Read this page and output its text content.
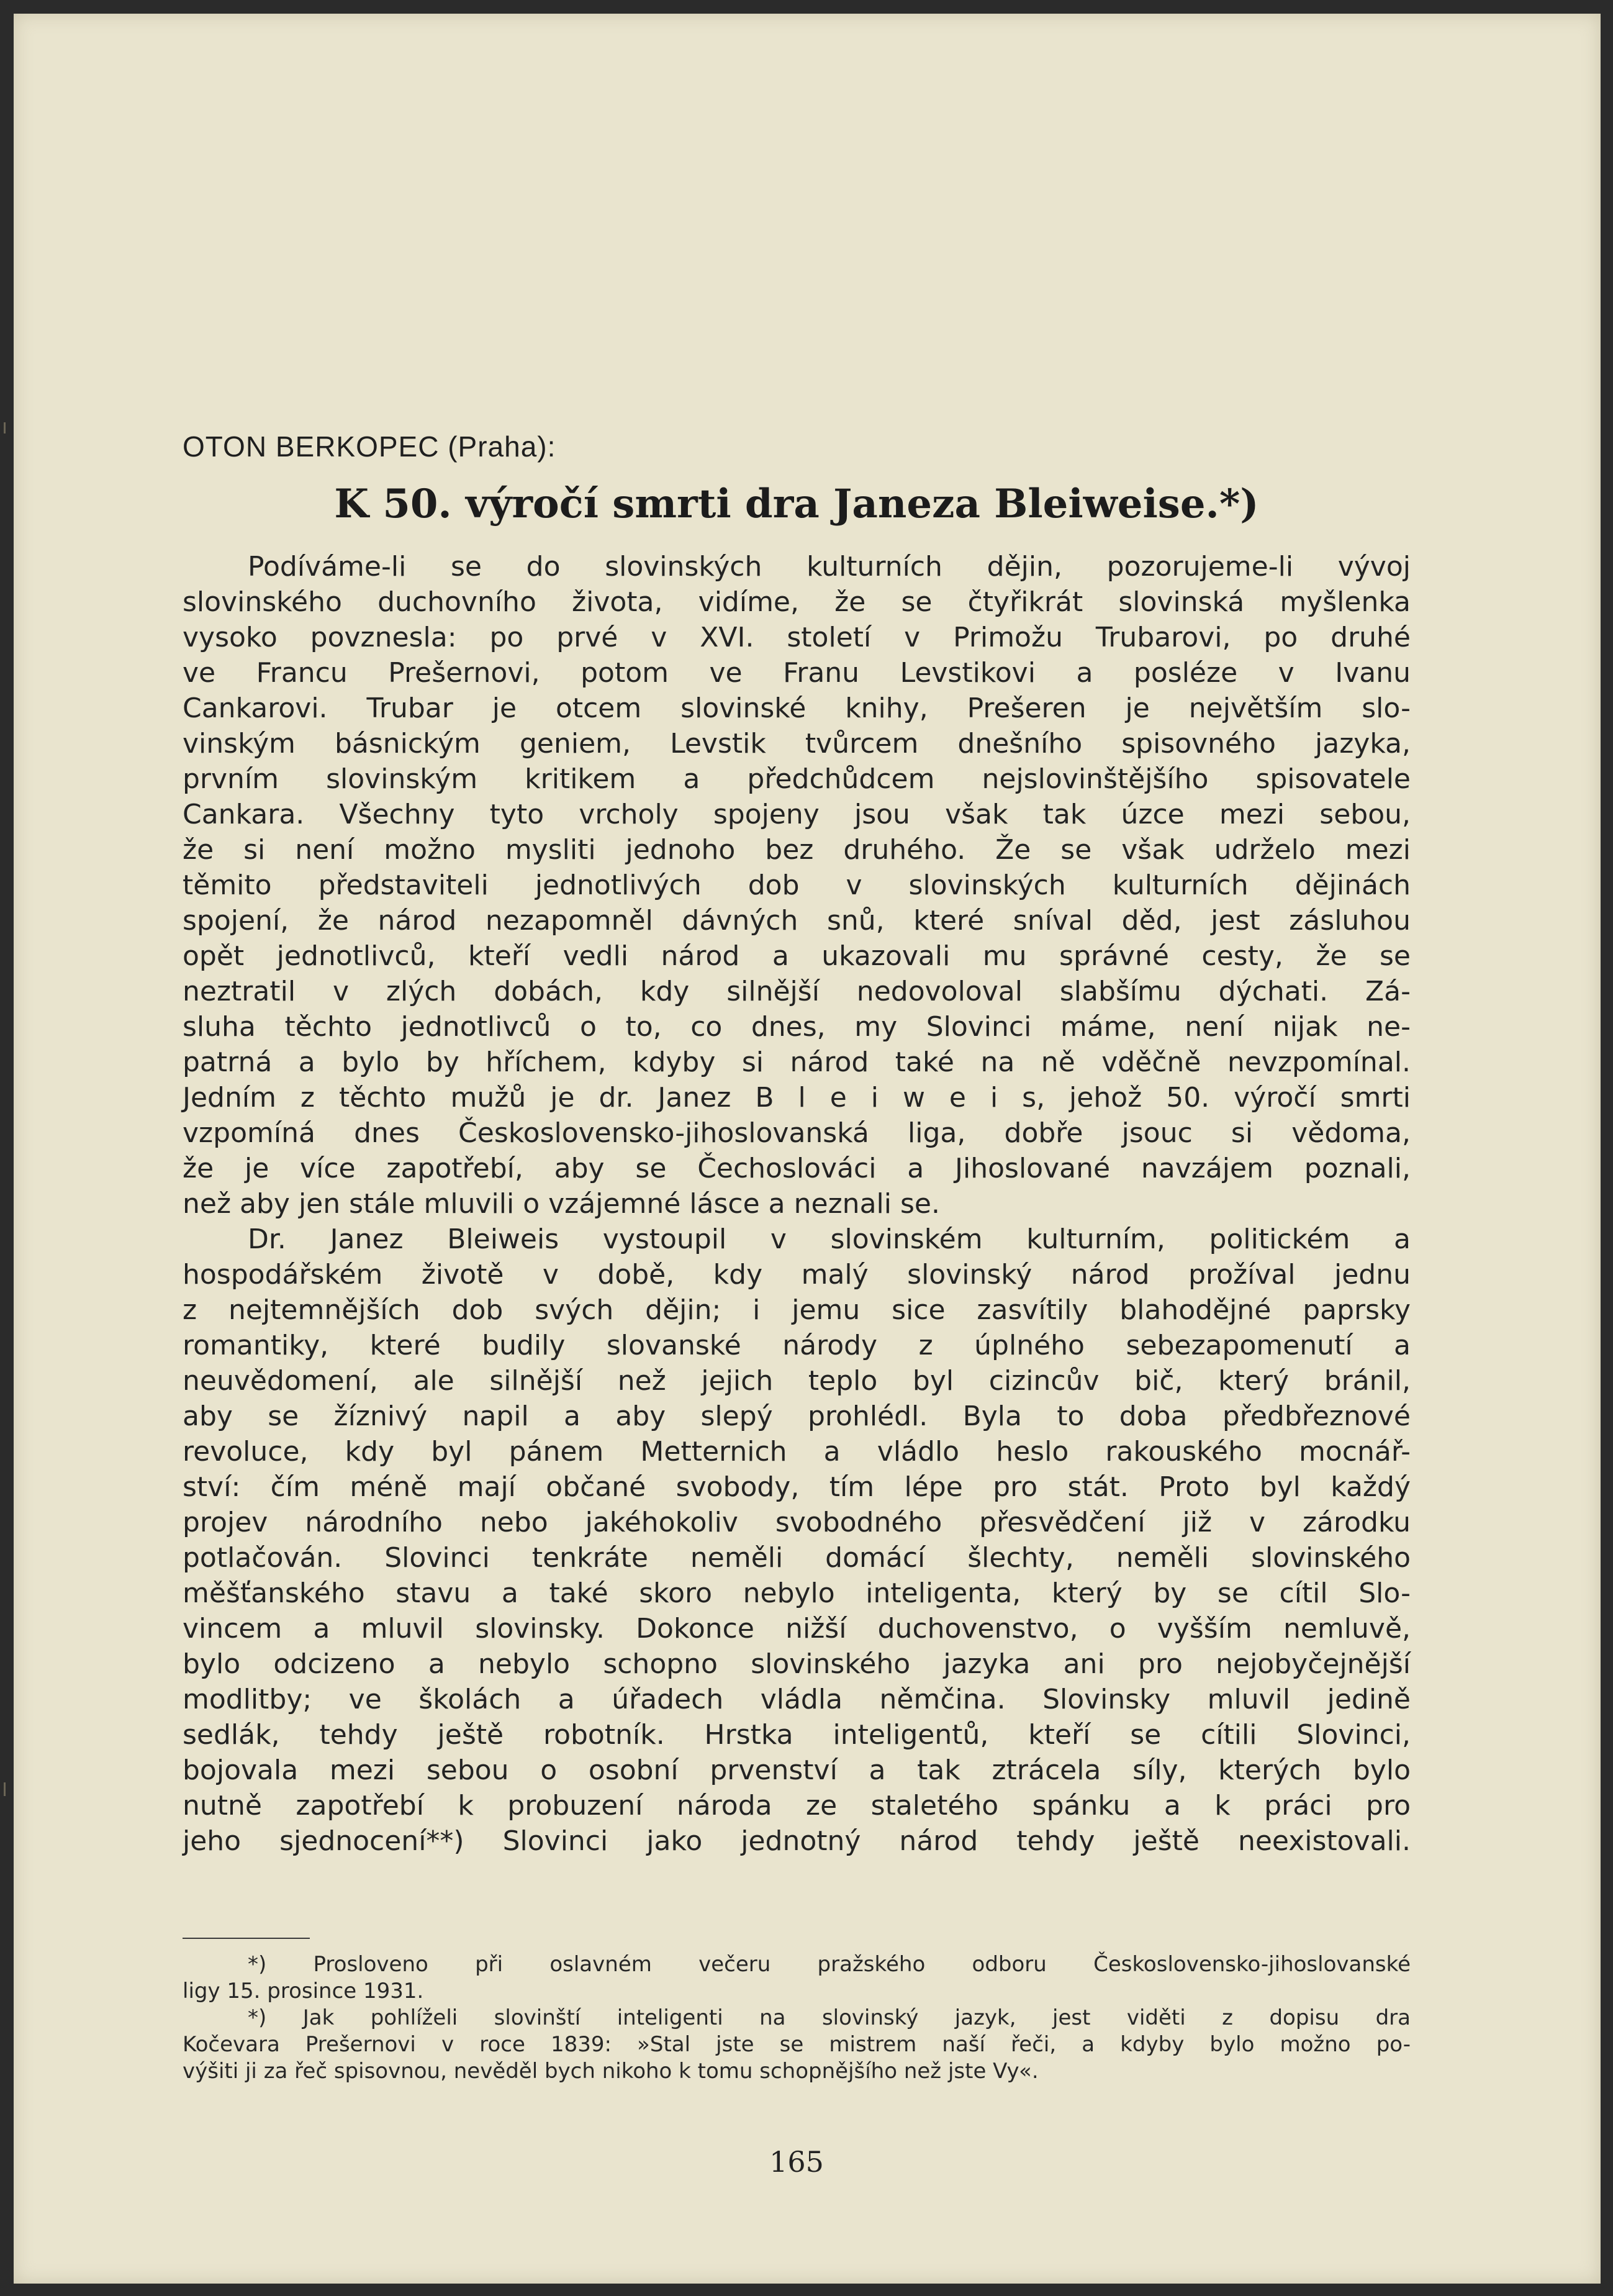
OTON BERKOPEC (Praha):
K 50. výročí smrti dra Janeza Bleiweise.*)
Podíváme-li se do slovinských kulturních dějin, pozorujeme-li vývoj
slovinského duchovního života, vidíme, že se čtyřikrát slovinská myšlenka
vysoko povznesla: po prvé v XVI. století v Primožu Trubarovi, po druhé
ve Francu Prešernovi, potom ve Franu Levstikovi a posléze v Ivanu
Cankarovi. Trubar je otcem slovinské knihy, Prešeren je největším slo-
vinským básnickým geniem, Levstik tvůrcem dnešního spisovného jazyka,
prvním slovinským kritikem a předchůdcem nejslovinštějšího spisovatele
Cankara. Všechny tyto vrcholy spojeny jsou však tak úzce mezi sebou,
že si není možno mysliti jednoho bez druhého. Že se však udrželo mezi
těmito představiteli jednotlivých dob v slovinských kulturních dějinách
spojení, že národ nezapomněl dávných snů, které sníval děd, jest zásluhou
opět jednotlivců, kteří vedli národ a ukazovali mu správné cesty, že se
neztratil v zlých dobách, kdy silnější nedovoloval slabšímu dýchati. Zá-
sluha těchto jednotlivců o to, co dnes, my Slovinci máme, není nijak ne-
patrná a bylo by hříchem, kdyby si národ také na ně vděčně nevzpomínal.
Jedním z těchto mužů je dr. Janez B l e i w e i s, jehož 50. výročí smrti
vzpomíná dnes Československo-jihoslovanská liga, dobře jsouc si vědoma,
že je více zapotřebí, aby se Čechoslováci a Jihoslované navzájem poznali,
než aby jen stále mluvili o vzájemné lásce a neznali se.
Dr. Janez Bleiweis vystoupil v slovinském kulturním, politickém a
hospodářském životě v době, kdy malý slovinský národ prožíval jednu
z nejtemnějších dob svých dějin; i jemu sice zasvítily blahodějné paprsky
romantiky, které budily slovanské národy z úplného sebezapomenutí a
neuvědomení, ale silnější než jejich teplo byl cizincův bič, který bránil,
aby se žíznivý napil a aby slepý prohlédl. Byla to doba předbřeznové
revoluce, kdy byl pánem Metternich a vládlo heslo rakouského mocnář-
ství: čím méně mají občané svobody, tím lépe pro stát. Proto byl každý
projev národního nebo jakéhokoliv svobodného přesvědčení již v zárodku
potlačován. Slovinci tenkráte neměli domácí šlechty, neměli slovinského
měšťanského stavu a také skoro nebylo inteligenta, který by se cítil Slo-
vincem a mluvil slovinsky. Dokonce nižší duchovenstvo, o vyšším nemluvě,
bylo odcizeno a nebylo schopno slovinského jazyka ani pro nejobyčejnější
modlitby; ve školách a úřadech vládla němčina. Slovinsky mluvil jedině
sedlák, tehdy ještě robotník. Hrstka inteligentů, kteří se cítili Slovinci,
bojovala mezi sebou o osobní prvenství a tak ztrácela síly, kterých bylo
nutně zapotřebí k probuzení národa ze staletého spánku a k práci pro
jeho sjednocení**) Slovinci jako jednotný národ tehdy ještě neexistovali.
*) Prosloveno při oslavném večeru pražského odboru Československo-jihoslovanské
ligy 15. prosince 1931.
*) Jak pohlíželi slovinští inteligenti na slovinský jazyk, jest viděti z dopisu dra
Kočevara Prešernovi v roce 1839: »Stal jste se mistrem naší řeči, a kdyby bylo možno po-
výšiti ji za řeč spisovnou, nevěděl bych nikoho k tomu schopnějšího než jste Vy«.
165
